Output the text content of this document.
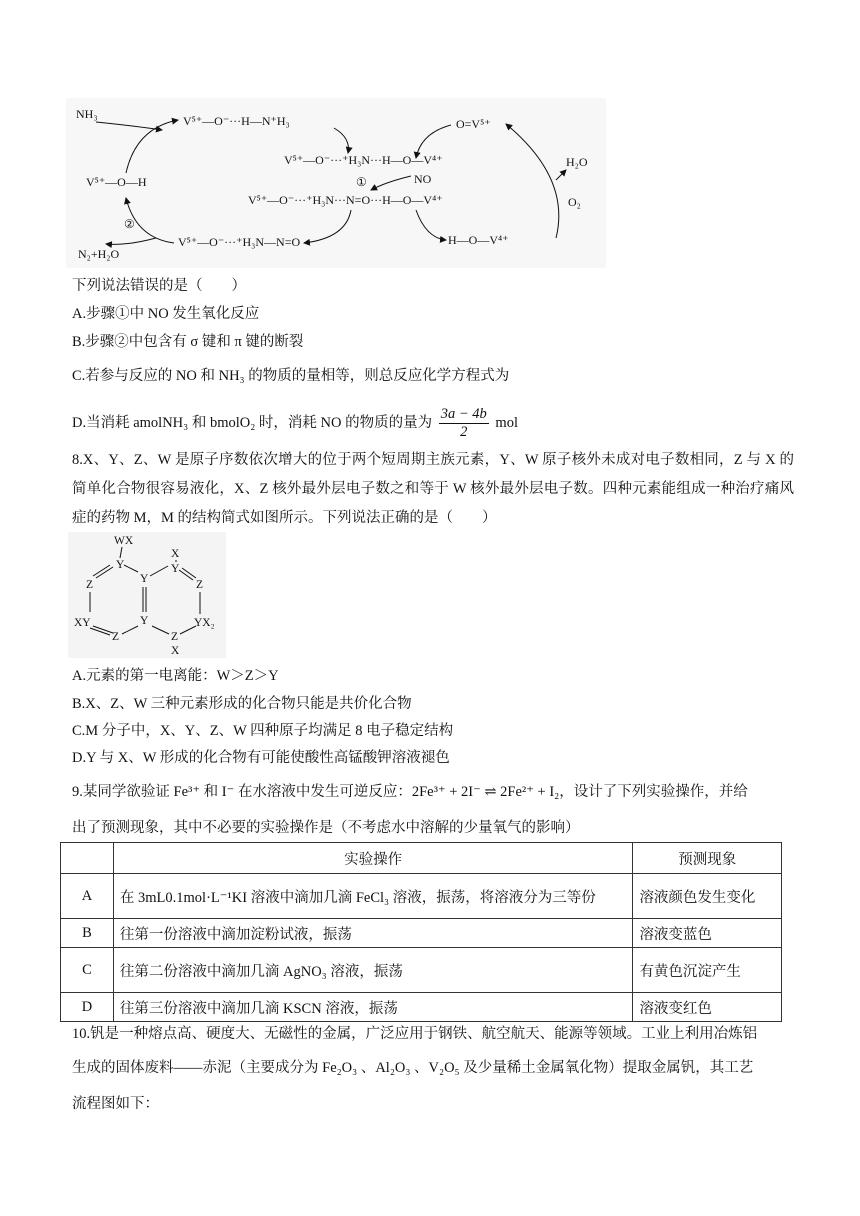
NH₃	V⁵⁺—O⁻···H—N⁺H₃
V⁵⁺—O—H
V⁵⁺—O⁻···⁺H₃N···H—O—V⁴⁺
①	NO
V⁵⁺—O⁻···⁺H₃N···N=O···H—O—V⁴⁺
V⁵⁺—O⁻···⁺H₃N—N=O
②
N₂+H₂O
O=V⁵⁺
H—O—V⁴⁺
H₂O
O₂
下列说法错误的是（　　）
A.步骤①中 NO 发生氧化反应
B.步骤②中包含有 σ 键和 π 键的断裂
C.若参与反应的 NO 和 NH₃ 的物质的量相等，则总反应化学方程式为
D.当消耗 amolNH₃ 和 bmolO₂ 时，消耗 NO 的物质的量为 $\frac{3a - 4b}{2}$ mol
8.X、Y、Z、W 是原子序数依次增大的位于两个短周期主族元素，Y、W 原子核外未成对电子数相同，Z 与 X 的简单化合物很容易液化，X、Z 核外最外层电子数之和等于 W 核外最外层电子数。四种元素能组成一种治疗痛风症的药物 M，M 的结构简式如图所示。下列说法正确的是（　　）
WX
X
Y
Y
Y
Z	Z
XY	Y	YX₂
Z	Z
X
A.元素的第一电离能：W＞Z＞Y
B.X、Z、W 三种元素形成的化合物只能是共价化合物
C.M 分子中，X、Y、Z、W 四种原子均满足 8 电子稳定结构
D.Y 与 X、W 形成的化合物有可能使酸性高锰酸钾溶液褪色
9.某同学欲验证 Fe³⁺ 和 I⁻ 在水溶液中发生可逆反应：2Fe³⁺ + 2I⁻ ⇌ 2Fe²⁺ + I₂，设计了下列实验操作，并给
出了预测现象，其中不必要的实验操作是（不考虑水中溶解的少量氧气的影响）
	实验操作	预测现象
A	在 3mL0.1mol·L⁻¹KI 溶液中滴加几滴 FeCl₃ 溶液，振荡，将溶液分为三等份	溶液颜色发生变化
B	往第一份溶液中滴加淀粉试液，振荡	溶液变蓝色
C	往第二份溶液中滴加几滴 AgNO₃ 溶液，振荡	有黄色沉淀产生
D	往第三份溶液中滴加几滴 KSCN 溶液，振荡	溶液变红色
10.钒是一种熔点高、硬度大、无磁性的金属，广泛应用于钢铁、航空航天、能源等领域。工业上利用冶炼铝
生成的固体废料——赤泥（主要成分为 Fe₂O₃ 、Al₂O₃ 、V₂O₅ 及少量稀土金属氧化物）提取金属钒，其工艺
流程图如下：
